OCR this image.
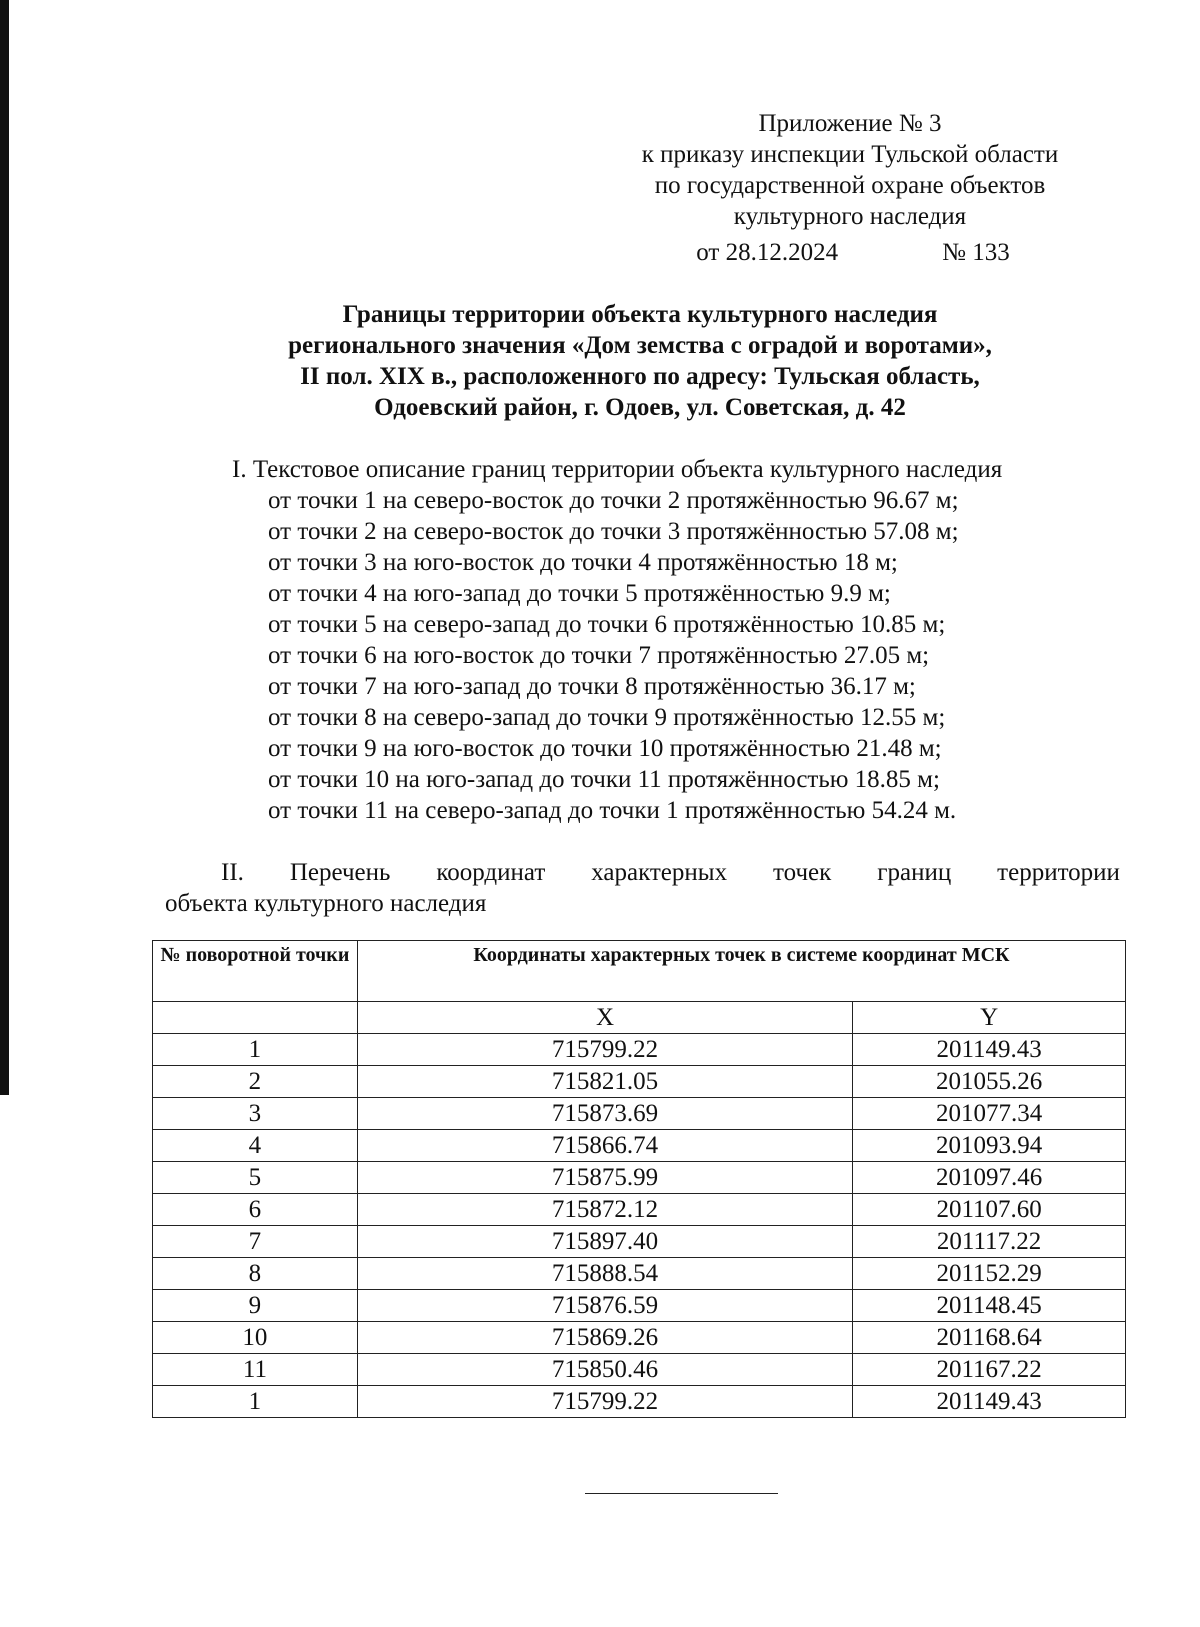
Приложение № 3
к приказу инспекции Тульской области
по государственной охране объектов
культурного наследия
от 28.12.2024	№ 133
Границы территории объекта культурного наследия
регионального значения «Дом земства с оградой и воротами»,
II пол. XIX в., расположенного по адресу: Тульская область,
Одоевский район, г. Одоев, ул. Советская, д. 42
I. Текстовое описание границ территории объекта культурного наследия
от точки 1 на северо-восток до точки 2 протяжённостью 96.67 м;
от точки 2 на северо-восток до точки 3 протяжённостью 57.08 м;
от точки 3 на юго-восток до точки 4 протяжённостью 18 м;
от точки 4 на юго-запад до точки 5 протяжённостью 9.9 м;
от точки 5 на северо-запад до точки 6 протяжённостью 10.85 м;
от точки 6 на юго-восток до точки 7 протяжённостью 27.05 м;
от точки 7 на юго-запад до точки 8 протяжённостью 36.17 м;
от точки 8 на северо-запад до точки 9 протяжённостью 12.55 м;
от точки 9 на юго-восток до точки 10 протяжённостью 21.48 м;
от точки 10 на юго-запад до точки 11 протяжённостью 18.85 м;
от точки 11 на северо-запад до точки 1 протяжённостью 54.24 м.
II. Перечень координат характерных точек границ территории
объекта культурного наследия
№ поворотной точки	Координаты характерных точек в системе координат МСК	
	X	Y
1	715799.22	201149.43
2	715821.05	201055.26
3	715873.69	201077.34
4	715866.74	201093.94
5	715875.99	201097.46
6	715872.12	201107.60
7	715897.40	201117.22
8	715888.54	201152.29
9	715876.59	201148.45
10	715869.26	201168.64
11	715850.46	201167.22
1	715799.22	201149.43
